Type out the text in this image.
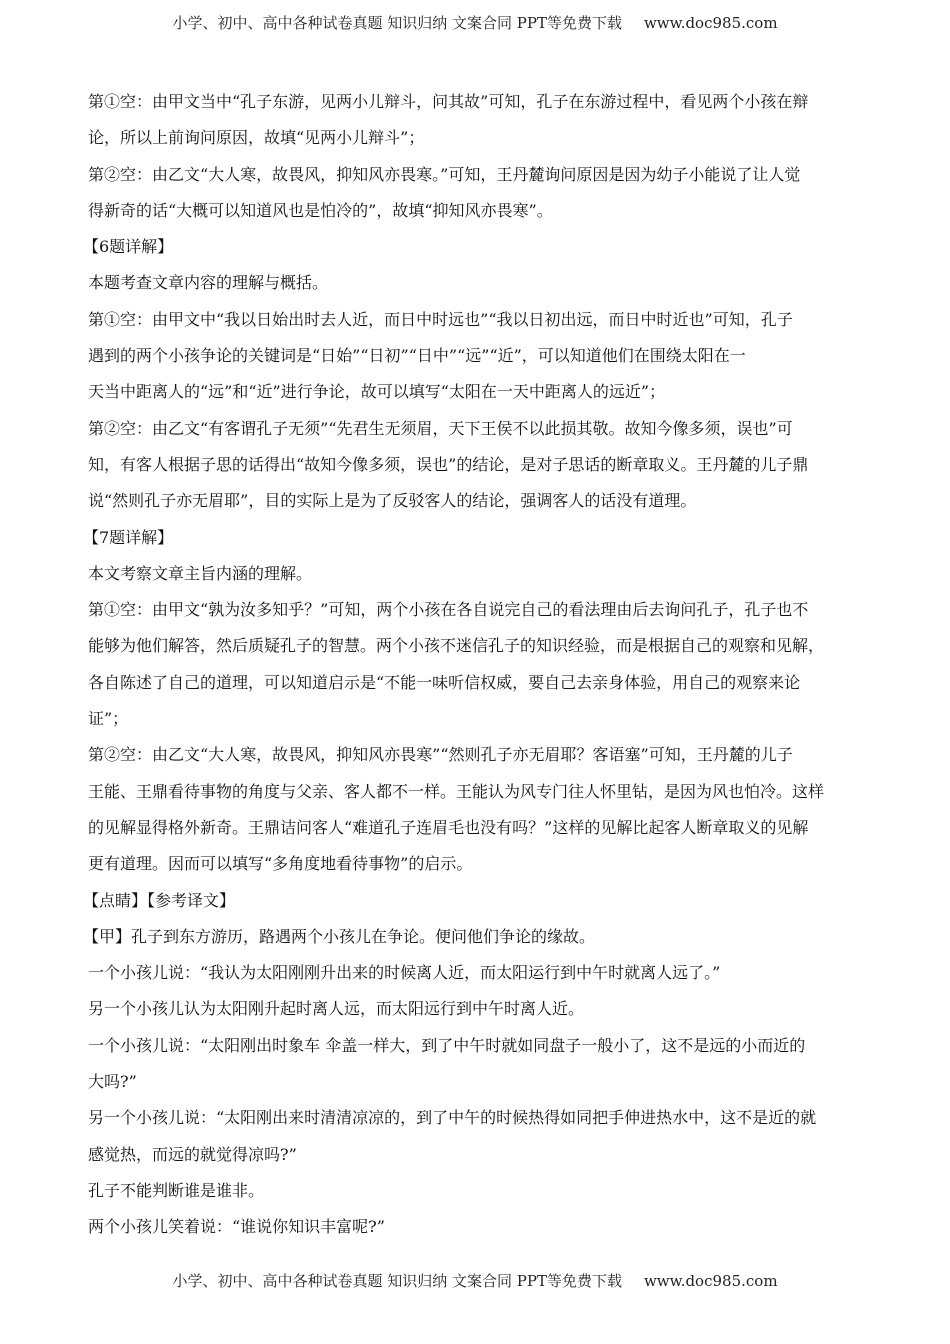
小学、初中、高中各种试卷真题 知识归纳 文案合同 PPT等免费下载 www.doc985.com
第①空：由甲文当中“孔子东游，见两小儿辩斗，问其故”可知，孔子在东游过程中，看见两个小孩在辩
论，所以上前询问原因，故填“见两小儿辩斗”；
第②空：由乙文“大人寒，故畏风，抑知风亦畏寒。”可知，王丹麓询问原因是因为幼子小能说了让人觉
得新奇的话“大概可以知道风也是怕冷的”，故填“抑知风亦畏寒”。
【6题详解】
本题考查文章内容的理解与概括。
第①空：由甲文中“我以日始出时去人近，而日中时远也”“我以日初出远，而日中时近也”可知，孔子
遇到的两个小孩争论的关键词是“日始”“日初”“日中”“远”“近”，可以知道他们在围绕太阳在一
天当中距离人的“远”和“近”进行争论，故可以填写“太阳在一天中距离人的远近”；
第②空：由乙文“有客谓孔子无须”“先君生无须眉，天下王侯不以此损其敬。故知今像多须，误也”可
知，有客人根据子思的话得出“故知今像多须，误也”的结论，是对子思话的断章取义。王丹麓的儿子鼎
说“然则孔子亦无眉耶”，目的实际上是为了反驳客人的结论，强调客人的话没有道理。
【7题详解】
本文考察文章主旨内涵的理解。
第①空：由甲文“孰为汝多知乎？”可知，两个小孩在各自说完自己的看法理由后去询问孔子，孔子也不
能够为他们解答，然后质疑孔子的智慧。两个小孩不迷信孔子的知识经验，而是根据自己的观察和见解，
各自陈述了自己的道理，可以知道启示是“不能一味听信权威，要自己去亲身体验，用自己的观察来论
证”；
第②空：由乙文“大人寒，故畏风，抑知风亦畏寒”“然则孔子亦无眉耶？客语塞”可知，王丹麓的儿子
王能、王鼎看待事物的角度与父亲、客人都不一样。王能认为风专门往人怀里钻，是因为风也怕冷。这样
的见解显得格外新奇。王鼎诘问客人“难道孔子连眉毛也没有吗？”这样的见解比起客人断章取义的见解
更有道理。因而可以填写“多角度地看待事物”的启示。
【点睛】【参考译文】
【甲】孔子到东方游历，路遇两个小孩儿在争论。便问他们争论的缘故。
一个小孩儿说：“我认为太阳刚刚升出来的时候离人近，而太阳运行到中午时就离人远了。”
另一个小孩儿认为太阳刚升起时离人远，而太阳远行到中午时离人近。
一个小孩儿说：“太阳刚出时象车 伞盖一样大，到了中午时就如同盘子一般小了，这不是远的小而近的
大吗?”
另一个小孩儿说：“太阳刚出来时清清凉凉的，到了中午的时候热得如同把手伸进热水中，这不是近的就
感觉热，而远的就觉得凉吗?”
孔子不能判断谁是谁非。
两个小孩儿笑着说：“谁说你知识丰富呢?”
小学、初中、高中各种试卷真题 知识归纳 文案合同 PPT等免费下载 www.doc985.com
